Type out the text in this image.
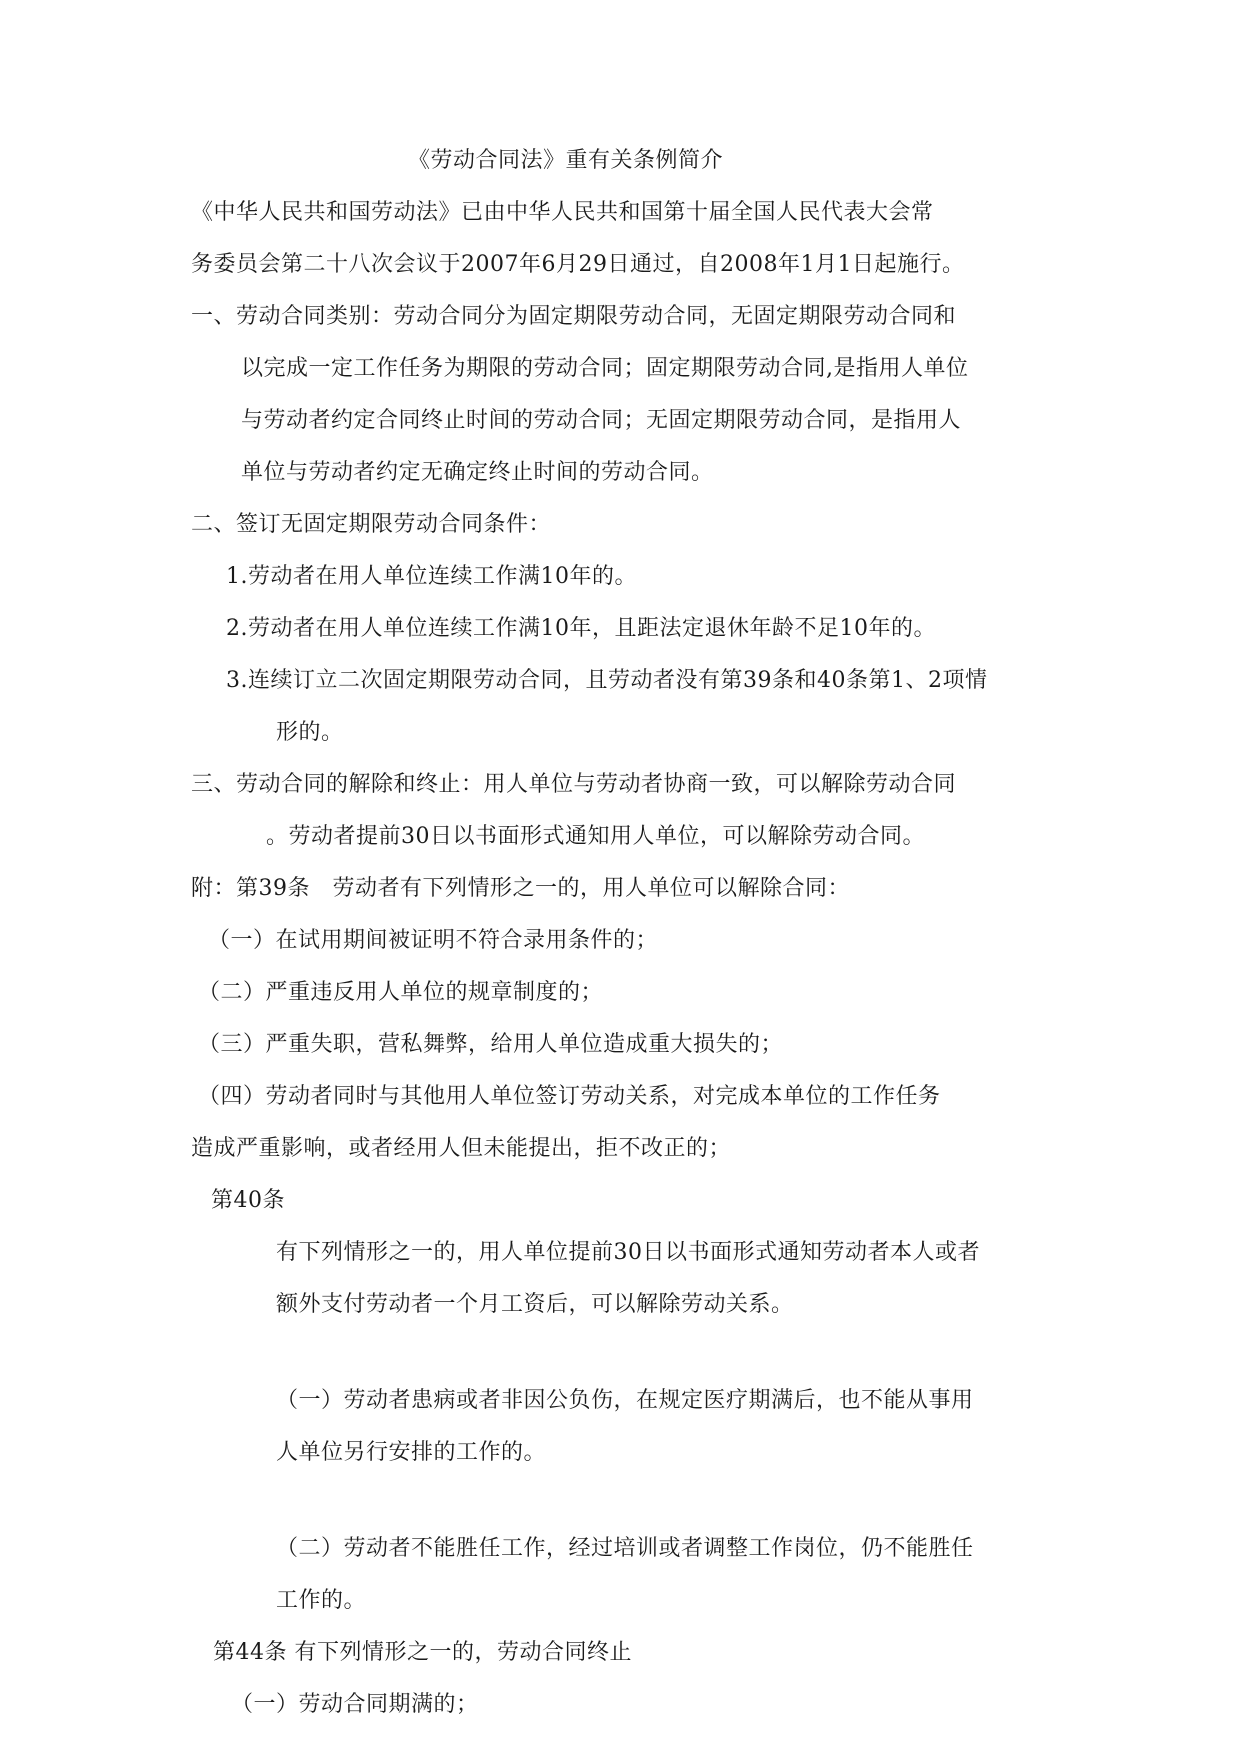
《劳动合同法》重有关条例简介
《中华人民共和国劳动法》已由中华人民共和国第十届全国人民代表大会常
务委员会第二十八次会议于2007年6月29日通过，自2008年1月1日起施行。
一、劳动合同类别：劳动合同分为固定期限劳动合同，无固定期限劳动合同和
以完成一定工作任务为期限的劳动合同；固定期限劳动合同,是指用人单位
与劳动者约定合同终止时间的劳动合同；无固定期限劳动合同，是指用人
单位与劳动者约定无确定终止时间的劳动合同。
二、签订无固定期限劳动合同条件：
1.劳动者在用人单位连续工作满10年的。
2.劳动者在用人单位连续工作满10年，且距法定退休年龄不足10年的。
3.连续订立二次固定期限劳动合同，且劳动者没有第39条和40条第1、2项情
形的。
三、劳动合同的解除和终止：用人单位与劳动者协商一致，可以解除劳动合同
。劳动者提前30日以书面形式通知用人单位，可以解除劳动合同。
附：第39条　劳动者有下列情形之一的，用人单位可以解除合同：
（一）在试用期间被证明不符合录用条件的；
（二）严重违反用人单位的规章制度的；
（三）严重失职，营私舞弊，给用人单位造成重大损失的；
（四）劳动者同时与其他用人单位签订劳动关系，对完成本单位的工作任务
造成严重影响，或者经用人但未能提出，拒不改正的；
第40条
有下列情形之一的，用人单位提前30日以书面形式通知劳动者本人或者
额外支付劳动者一个月工资后，可以解除劳动关系。
（一）劳动者患病或者非因公负伤，在规定医疗期满后，也不能从事用
人单位另行安排的工作的。
（二）劳动者不能胜任工作，经过培训或者调整工作岗位，仍不能胜任
工作的。
第44条 有下列情形之一的，劳动合同终止
（一）劳动合同期满的；
